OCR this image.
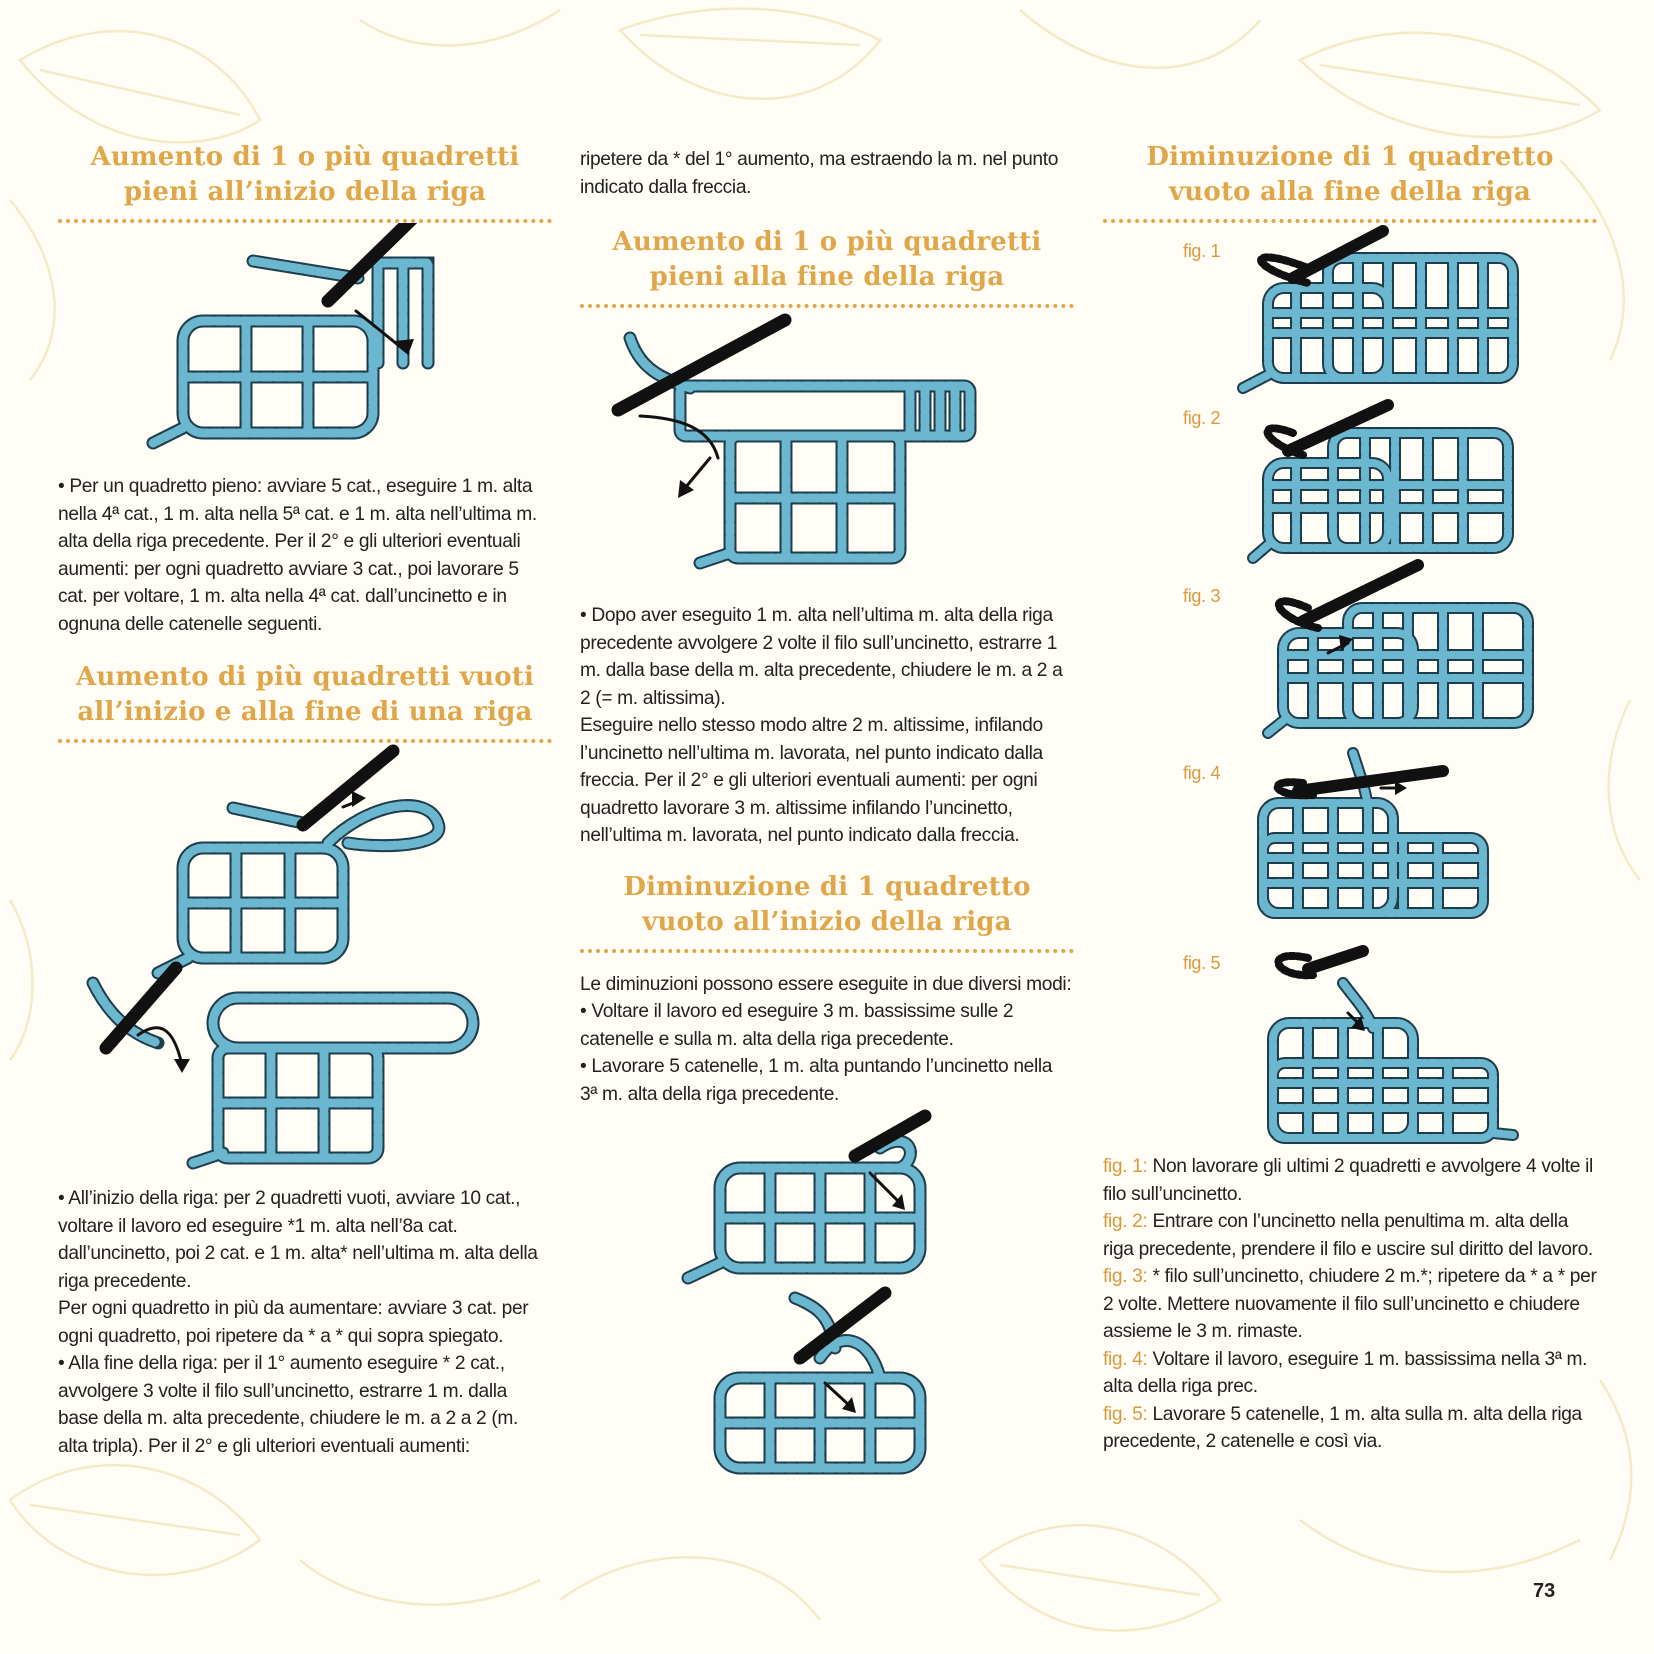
Aumento di 1 o più quadretti pieni all’inizio della riga

• Per un quadretto pieno: avviare 5 cat., eseguire 1 m. alta nella 4ª cat., 1 m. alta nella 5ª cat. e 1 m. alta nell’ultima m. alta della riga precedente. Per il 2° e gli ulteriori eventuali aumenti: per ogni quadretto avviare 3 cat., poi lavorare 5 cat. per voltare, 1 m. alta nella 4ª cat. dall’uncinetto e in ognuna delle catenelle seguenti.

Aumento di più quadretti vuoti all’inizio e alla fine di una riga

• All’inizio della riga: per 2 quadretti vuoti, avviare 10 cat., voltare il lavoro ed eseguire *1 m. alta nell’8a cat. dall’uncinetto, poi 2 cat. e 1 m. alta* nell’ultima m. alta della riga precedente.

Per ogni quadretto in più da aumentare: avviare 3 cat. per ogni quadretto, poi ripetere da * a * qui sopra spiegato.

• Alla fine della riga: per il 1° aumento eseguire * 2 cat., avvolgere 3 volte il filo sull’uncinetto, estrarre 1 m. dalla base della m. alta precedente, chiudere le m. a 2 a 2 (m. alta tripla). Per il 2° e gli ulteriori eventuali aumenti:

ripetere da * del 1° aumento, ma estraendo la m. nel punto indicato dalla freccia.

Aumento di 1 o più quadretti pieni alla fine della riga

• Dopo aver eseguito 1 m. alta nell’ultima m. alta della riga precedente avvolgere 2 volte il filo sull’uncinetto, estrarre 1 m. dalla base della m. alta precedente, chiudere le m. a 2 a 2 (= m. altissima).

Eseguire nello stesso modo altre 2 m. altissime, infilando l’uncinetto nell’ultima m. lavorata, nel punto indicato dalla freccia. Per il 2° e gli ulteriori eventuali aumenti: per ogni quadretto lavorare 3 m. altissime infilando l’uncinetto, nell’ultima m. lavorata, nel punto indicato dalla freccia.

Diminuzione di 1 quadretto vuoto all’inizio della riga

Le diminuzioni possono essere eseguite in due diversi modi:

• Voltare il lavoro ed eseguire 3 m. bassissime sulle 2 catenelle e sulla m. alta della riga precedente.

• Lavorare 5 catenelle, 1 m. alta puntando l’uncinetto nella 3ª m. alta della riga precedente.

Diminuzione di 1 quadretto vuoto alla fine della riga
fig. 1
fig. 2
fig. 3
fig. 4
fig. 5

fig. 1: Non lavorare gli ultimi 2 quadretti e avvolgere 4 volte il filo sull’uncinetto.

fig. 2: Entrare con l’uncinetto nella penultima m. alta della riga precedente, prendere il filo e uscire sul diritto del lavoro.

fig. 3: * filo sull’uncinetto, chiudere 2 m.*; ripetere da * a * per 2 volte. Mettere nuovamente il filo sull’uncinetto e chiudere assieme le 3 m. rimaste.

fig. 4: Voltare il lavoro, eseguire 1 m. bassissima nella 3ª m. alta della riga prec.

fig. 5: Lavorare 5 catenelle, 1 m. alta sulla m. alta della riga precedente, 2 catenelle e così via.

73
